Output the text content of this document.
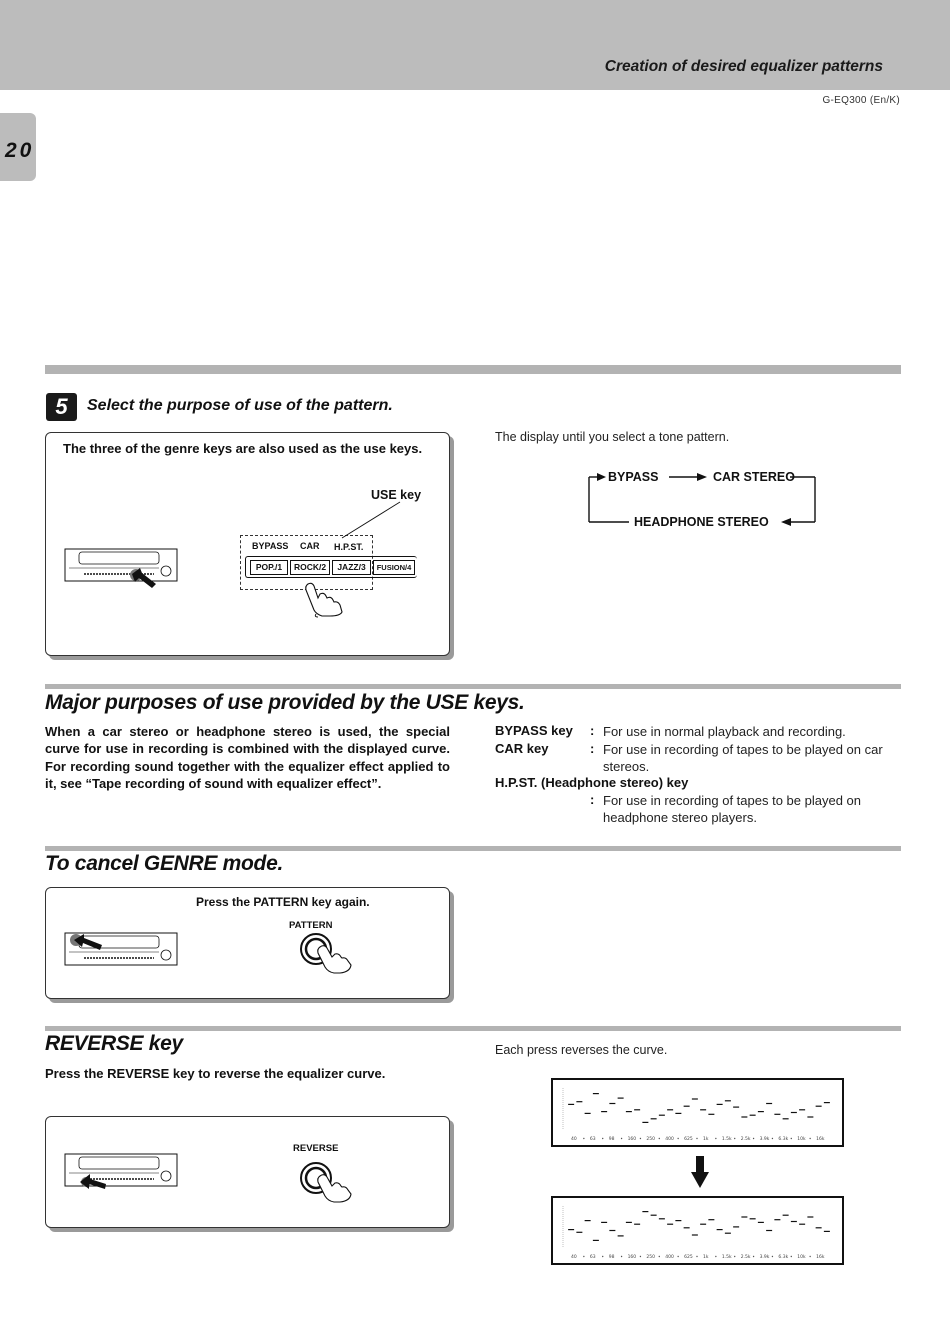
Creation of desired equalizer patterns
G-EQ300 (En/K)
20
5	Select the purpose of use of the pattern.
The three of the genre keys are also used as the use keys.
USE key
BYPASS CAR H.P.ST.
POP./1	ROCK/2	JAZZ/3	FUSION/4
The display until you select a tone pattern.
BYPASS	CAR STEREO
HEADPHONE STEREO
Major purposes of use provided by the USE keys.
When a car stereo or headphone stereo is used, the special curve for use in recording is combined with the displayed curve. For recording sound together with the equalizer effect applied to it, see “Tape recording of sound with equalizer effect”.
BYPASS key : For use in normal playback and recording.
CAR key	: For use in recording of tapes to be played on car stereos.
H.P.ST. (Headphone stereo) key
: For use in recording of tapes to be played on headphone stereo players.
To cancel GENRE mode.
Press the PATTERN key again.
PATTERN
REVERSE key
Press the REVERSE key to reverse the equalizer curve.
Each press reverses the curve.
REVERSE
40	63	98	160 250 400 625 1k	1.5k 2.5k 3.9k 6.3k 10k 16k
40	63	98	160 250 400 625 1k	1.5k 2.5k 3.9k 6.3k 10k 16k
